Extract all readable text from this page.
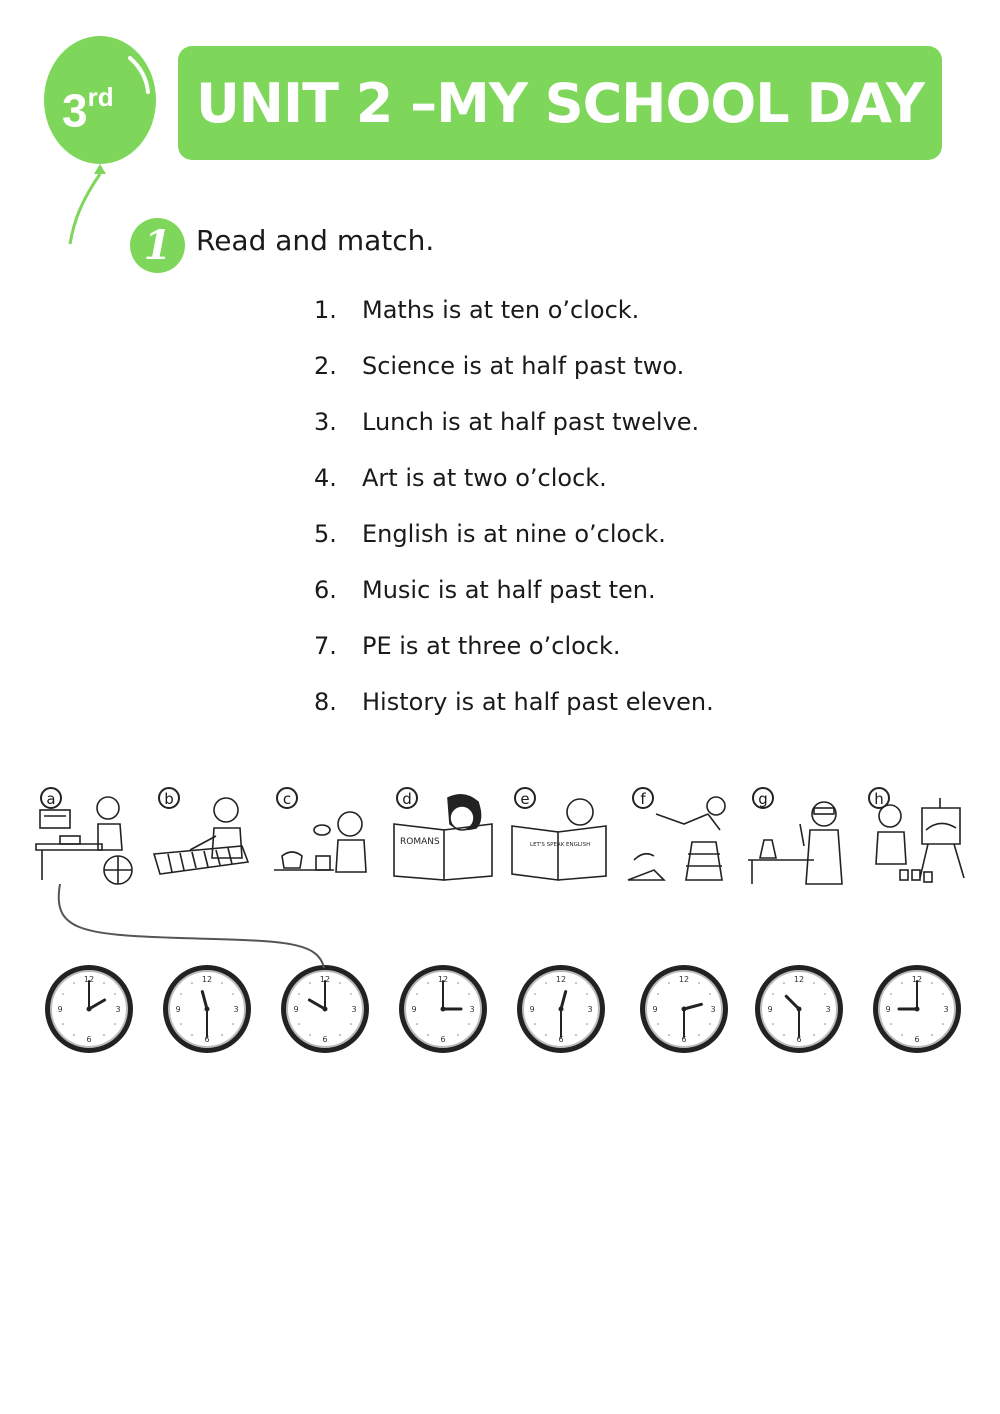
3rd	UNIT 2 –MY SCHOOL DAY
1 Read and match.
1.	Maths is at ten o’clock.
2.	Science is at half past two.
3.	Lunch is at half past twelve.
4.	Art is at two o’clock.
5.	English is at nine o’clock.
6.	Music is at half past ten.
7.	PE is at three o’clock.
8.	History is at half past eleven.
a	b	c
ROMANS
d
LET'S SPEAK ENGLISH
e	f	g	h
12
3
6
9
12
3
6
9
12
3
6
9
12
3
6
9
12
3
6
9
12
3
6
9
12
3
6
9
12
3
6
9
